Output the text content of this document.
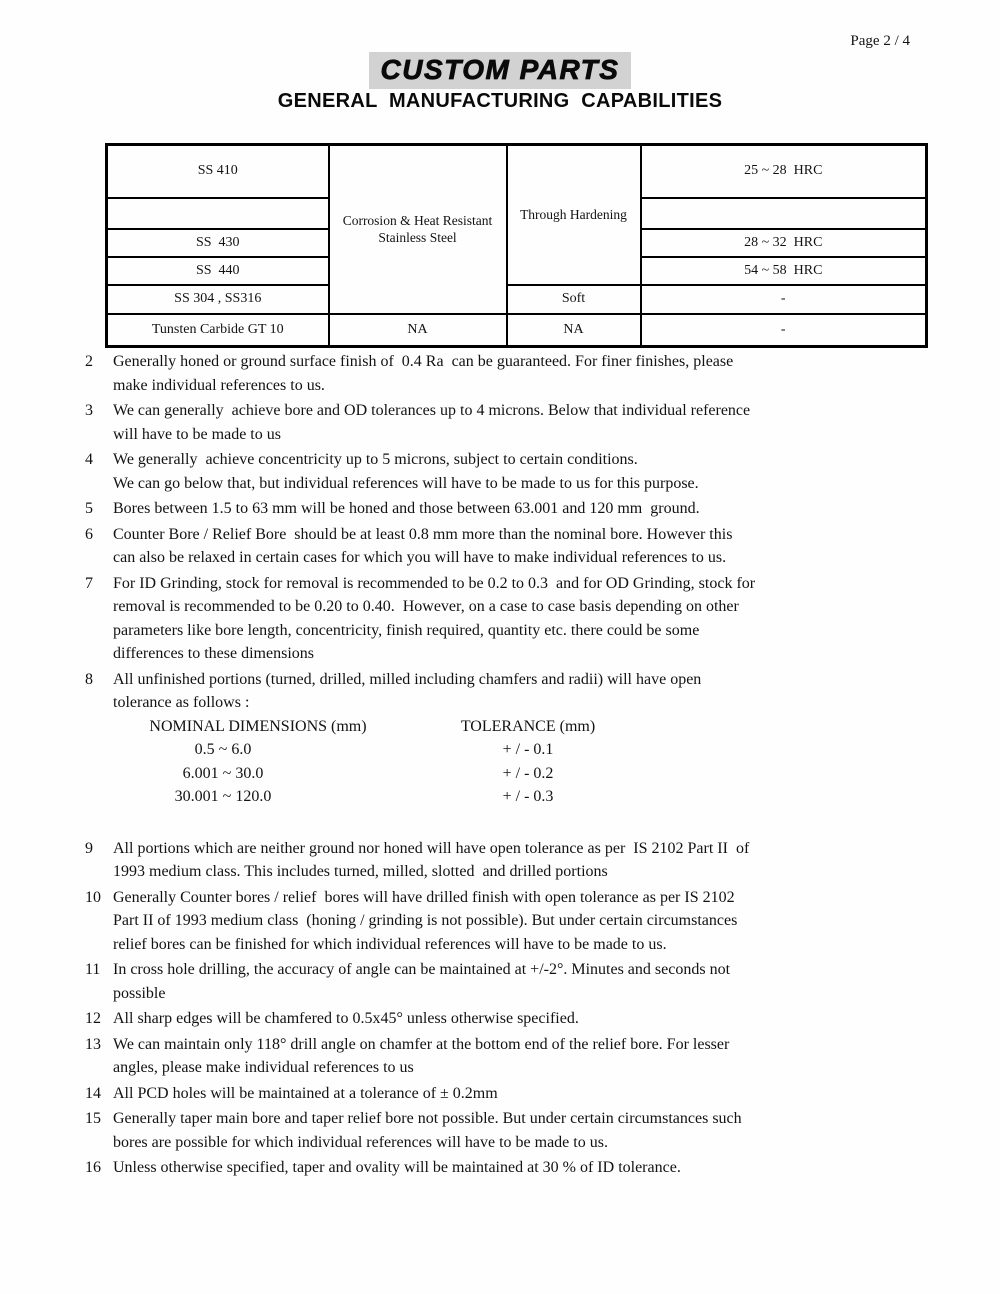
Page 2 / 4
CUSTOM PARTS
GENERAL  MANUFACTURING  CAPABILITIES
SS 410	Corrosion & Heat Resistant Stainless Steel	Through Hardening	25 ~ 28  HRC

SS  430			28 ~ 32  HRC
SS  440			54 ~ 58  HRC
SS 304 , SS316		Soft	-
Tunsten Carbide GT 10	NA	NA	-
2	Generally honed or ground surface finish of  0.4 Ra  can be guaranteed. For finer finishes, please
make individual references to us.
3	We can generally  achieve bore and OD tolerances up to 4 microns. Below that individual reference
will have to be made to us
4	We generally  achieve concentricity up to 5 microns, subject to certain conditions.
We can go below that, but individual references will have to be made to us for this purpose.
5	Bores between 1.5 to 63 mm will be honed and those between 63.001 and 120 mm  ground.
6	Counter Bore / Relief Bore  should be at least 0.8 mm more than the nominal bore. However this
can also be relaxed in certain cases for which you will have to make individual references to us.
7	For ID Grinding, stock for removal is recommended to be 0.2 to 0.3  and for OD Grinding, stock for
removal is recommended to be 0.20 to 0.40.  However, on a case to case basis depending on other
parameters like bore length, concentricity, finish required, quantity etc. there could be some
differences to these dimensions
8	All unfinished portions (turned, drilled, milled including chamfers and radii) will have open
tolerance as follows :
NOMINAL DIMENSIONS (mm)	TOLERANCE (mm)
0.5 ~ 6.0	+ / - 0.1
6.001 ~ 30.0	+ / - 0.2
30.001 ~ 120.0	+ / - 0.3
9	All portions which are neither ground nor honed will have open tolerance as per  IS 2102 Part II  of
1993 medium class. This includes turned, milled, slotted  and drilled portions
10 Generally Counter bores / relief  bores will have drilled finish with open tolerance as per IS 2102
Part II of 1993 medium class  (honing / grinding is not possible). But under certain circumstances
relief bores can be finished for which individual references will have to be made to us.
11 In cross hole drilling, the accuracy of angle can be maintained at +/-2°. Minutes and seconds not
possible
12 All sharp edges will be chamfered to 0.5x45° unless otherwise specified.
13 We can maintain only 118° drill angle on chamfer at the bottom end of the relief bore. For lesser
angles, please make individual references to us
14 All PCD holes will be maintained at a tolerance of ± 0.2mm
15 Generally taper main bore and taper relief bore not possible. But under certain circumstances such
bores are possible for which individual references will have to be made to us.
16 Unless otherwise specified, taper and ovality will be maintained at 30 % of ID tolerance.
